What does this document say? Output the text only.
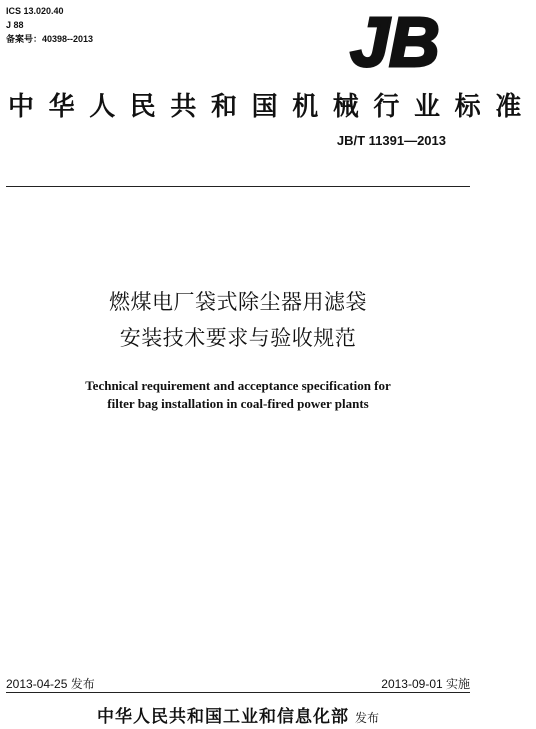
ICS 13.020.40
J 88
备案号：40398--2013	JB
中华人民共和国机械行业标准
JB/T 11391—2013
燃煤电厂袋式除尘器用滤袋
安装技术要求与验收规范
Technical requirement and acceptance specification for
filter bag installation in coal-fired power plants
2013-04-25 发布	2013-09-01 实施
中华人民共和国工业和信息化部 发布
